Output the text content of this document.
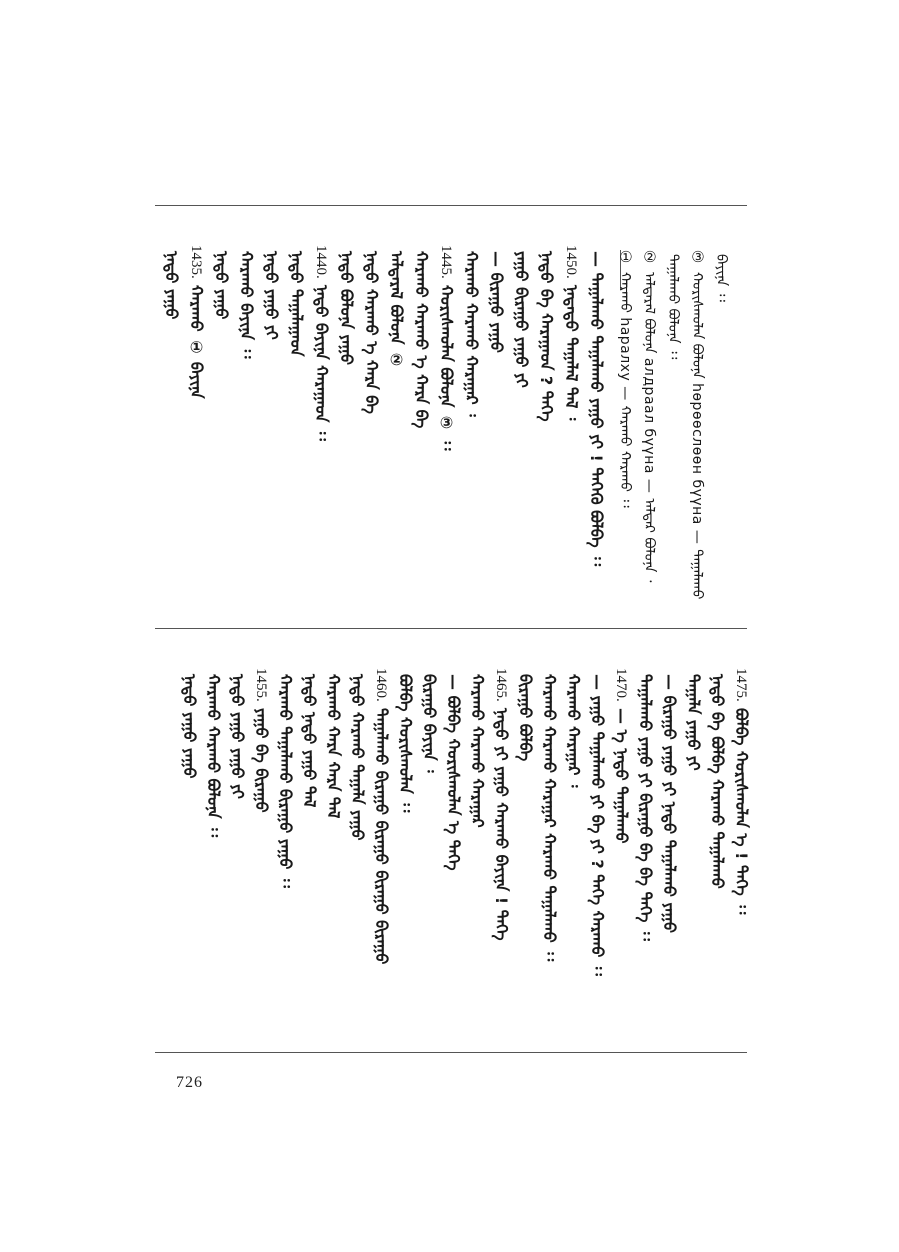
ᠪᠠᠶᠢᠨᠠ ᠄᠄
③ᠬᠣᠷᠢᠰᠬᠤᠯᠠᠨ ᠪᠣᠯᠤᠨᠠ hөрөөслөөн бүүна — ᠲᠠᠭᠠᠯᠠᠬᠤ
ᠲᠠᠭᠠᠯᠠᠬᠤ ᠪᠣᠯᠤᠨᠠ ᠄᠄
②ᠠᠯᠳᠠᠷᠠᠯ ᠪᠣᠯᠤᠨᠠ алдраал бүүна — ᠠᠯᠳᠠᠷ ᠪᠣᠯᠤᠨᠠ ᠂
①ᠬᠠᠷᠠᠬᠤ hаралху — ᠬᠠᠷᠠᠬᠤ ᠬᠠᠷᠠᠬᠤ ᠄᠄
— ᠲᠠᠭᠠᠯᠠᠬᠤ ᠲᠠᠭᠠᠯᠠᠬᠤ ᠶᠠᠭᠤ ᠶᠢ ! ᠲᠡᠭᠡᠬᠦ ᠪᠣᠯᠪᠠ ᠄᠄
1450.ᠨᠠᠳᠠᠳᠤ ᠲᠠᠭᠠᠯᠠᠯ ᠲᠠᠯ ᠄
ᠨᠠᠳᠤ ᠪᠡ ᠬᠠᠷᠠᠭᠠᠳ ? ᠲᠡᠭᠡ
ᠶᠠᠭᠤ ᠪᠢᠷᠠᠭᠤ ᠶᠠᠭᠤ ᠶᠢ
— ᠪᠢᠷᠠᠭᠤ ᠶᠠᠭᠤ
ᠬᠠᠷᠠᠬᠤ ᠬᠠᠷᠠᠬᠤ ᠬᠠᠷᠠᠭᠠᠷ ᠄
1445.ᠬᠣᠷᠢᠰᠬᠤᠯᠠᠨ ᠪᠣᠯᠤᠨᠠ ③ ᠄᠄
ᠬᠠᠷᠠᠬᠤ ᠬᠠᠷᠠᠬᠤ ᠡ ᠬᠠᠷᠠ ᠪᠡ
ᠠᠯᠳᠠᠷᠠᠯ ᠪᠣᠯᠤᠨᠠ ②
ᠨᠠᠳᠤ ᠬᠠᠷᠠᠬᠤ ᠡ ᠬᠠᠷᠠ ᠪᠡ
ᠨᠠᠳᠤ ᠪᠣᠯᠤᠨᠠ ᠶᠠᠭᠤ
1440.ᠨᠠᠳᠤ ᠪᠠᠶᠢᠨᠠ ᠬᠠᠷᠠᠭᠠᠳ ᠄᠄
ᠨᠠᠳᠤ ᠲᠠᠭᠠᠯᠠᠭᠠᠳ
ᠨᠠᠳᠤ ᠶᠠᠭᠤ ᠶᠢ
ᠬᠠᠷᠠᠬᠤ ᠪᠠᠶᠢᠨᠠ ᠄᠄
ᠨᠠᠳᠤ ᠶᠠᠭᠤ
1435.ᠬᠠᠷᠠᠬᠤ ① ᠪᠠᠶᠢᠨᠠ
ᠨᠠᠳᠤ ᠶᠠᠭᠤ
1475.ᠪᠣᠯᠪᠠ ᠬᠣᠷᠢᠰᠬᠤᠯᠠᠨ ᠡ ! ᠲᠡᠭᠡ ᠄᠄
ᠨᠠᠳᠤ ᠪᠡ ᠪᠣᠯᠪᠠ ᠬᠠᠷᠠᠬᠤ ᠲᠠᠭᠠᠯᠠᠬᠤ
ᠲᠠᠭᠠᠯᠠ ᠶᠠᠭᠤ ᠶᠢ
— ᠪᠢᠷᠠᠭᠤ ᠶᠠᠭᠤ ᠶᠢ ᠨᠠᠳᠤ ᠲᠠᠭᠠᠯᠠᠬᠤ ᠶᠠᠭᠤ
ᠲᠠᠭᠠᠯᠠᠬᠤ ᠶᠠᠭᠤ ᠶᠢ ᠪᠢᠷᠠᠭᠤ ᠪᠡ ᠪᠡ ᠲᠡᠭᠡ ᠄᠄
1470.— ᠡ ᠨᠠᠳᠤ ᠲᠠᠭᠠᠯᠠᠬᠤ
— ᠶᠠᠭᠤ ᠲᠠᠭᠠᠯᠠᠬᠤ ᠶᠢ ᠪᠡ ᠶᠢ ? ᠲᠡᠭᠡ ᠬᠠᠷᠠᠬᠤ ᠄᠄
ᠬᠠᠷᠠᠬᠤ ᠬᠠᠷᠠᠭᠠᠷ ᠄
ᠬᠠᠷᠠᠬᠤ ᠬᠠᠷᠠᠬᠤ ᠬᠠᠷᠠᠭᠠᠷ ᠬᠠᠷᠠᠬᠤ ᠲᠠᠭᠠᠯᠠᠬᠤ ᠄᠄
ᠪᠢᠷᠠᠭᠤ ᠪᠣᠯᠪᠠ
1465.ᠨᠠᠳᠤ ᠶᠢ ᠶᠠᠭᠤ ᠬᠠᠷᠠᠬᠤ ᠪᠠᠶᠢᠨᠠ ! ᠲᠡᠭᠡ
ᠬᠠᠷᠠᠬᠤ ᠬᠠᠷᠠᠬᠤ ᠬᠠᠷᠠᠭᠠᠷ
— ᠪᠣᠯᠪᠠ ᠬᠣᠷᠢᠰᠬᠤᠯᠠᠨ ᠡ ᠲᠡᠭᠡ
ᠪᠢᠷᠠᠭᠤ ᠪᠠᠶᠢᠨᠠ ᠄
ᠪᠣᠯᠪᠠ ᠬᠣᠷᠢᠰᠬᠤᠯᠠᠨ ᠄᠄
1460.ᠲᠠᠭᠠᠯᠠᠬᠤ ᠪᠢᠷᠠᠭᠤ ᠪᠢᠷᠠᠭᠤ ᠪᠢᠷᠠᠭᠤ ᠪᠢᠷᠠᠭᠤ
ᠨᠠᠳᠤ ᠬᠠᠷᠠᠬᠤ ᠲᠠᠭᠠᠯᠠ ᠶᠠᠭᠤ
ᠬᠠᠷᠠᠬᠤ ᠬᠠᠷᠠ ᠬᠠᠷᠠ ᠲᠠᠯ
ᠨᠠᠳᠤ ᠨᠠᠳᠤ ᠶᠠᠭᠤ ᠲᠠᠯ
ᠬᠠᠷᠠᠬᠤ ᠲᠠᠭᠠᠯᠠᠬᠤ ᠪᠢᠷᠠᠭᠤ ᠶᠠᠭᠤ ᠄᠄
1455.ᠶᠠᠭᠤ ᠪᠡ ᠪᠢᠷᠠᠭᠤ
ᠨᠠᠳᠤ ᠶᠠᠭᠤ ᠶᠠᠭᠤ ᠶᠢ
ᠬᠠᠷᠠᠬᠤ ᠬᠠᠷᠠᠬᠤ ᠪᠣᠯᠤᠨᠠ ᠄᠄
ᠨᠠᠳᠤ ᠶᠠᠭᠤ ᠶᠠᠭᠤ
726
